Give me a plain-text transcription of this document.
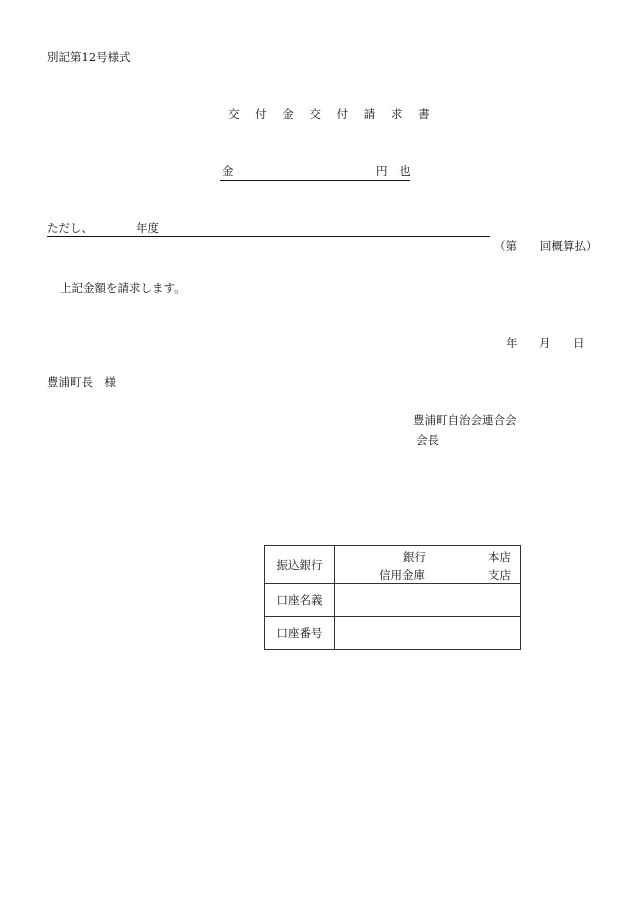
別記第12号様式
交 付 金 交 付 請 求 書
金	円 也
ただし、	年度
（第　　回概算払）
上記金額を請求します。
年 月 日
豊浦町長　様
豊浦町自治会連合会
会長
振込銀行	銀行 本店
信用金庫 支店

口座名義	
口座番号	
